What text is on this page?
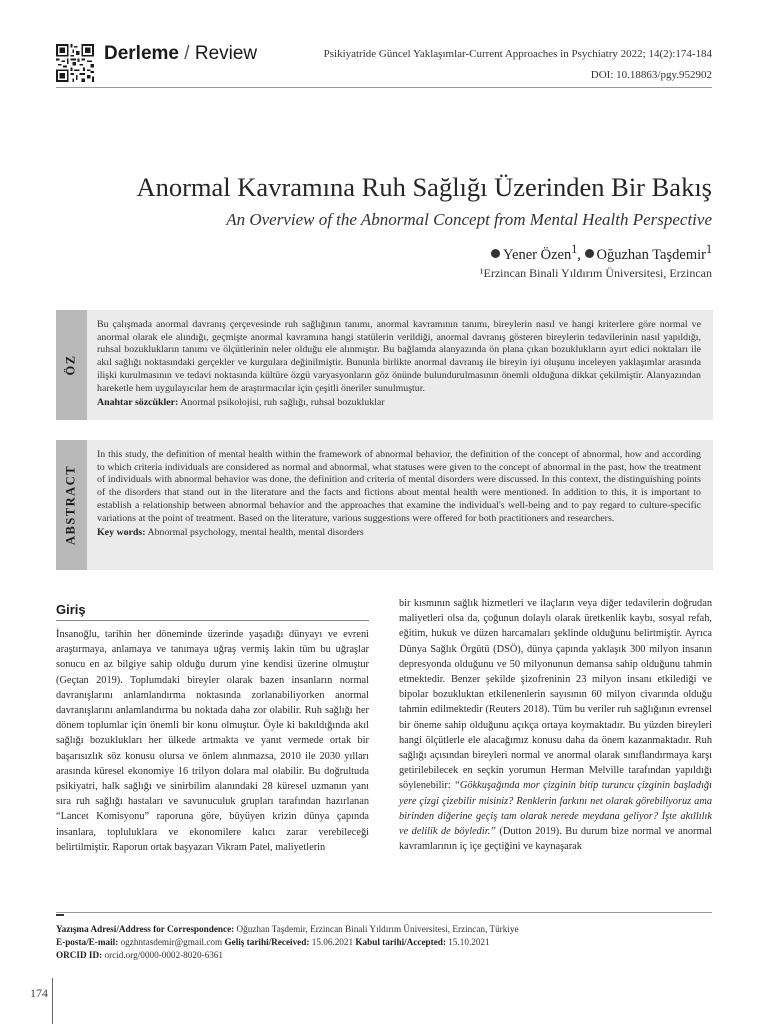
Derleme / Review	Psikiyatride Güncel Yaklaşımlar-Current Approaches in Psychiatry 2022; 14(2):174-184
DOI: 10.18863/pgy.952902
Anormal Kavramına Ruh Sağlığı Üzerinden Bir Bakış
An Overview of the Abnormal Concept from Mental Health Perspective
Yener Özen$^1$, Oğuzhan Taşdemir$^1$
¹Erzincan Binali Yıldırım Üniversitesi, Erzincan
ÖZ
Bu çalışmada anormal davranış çerçevesinde ruh sağlığının tanımı, anormal kavramının tanımı, bireylerin nasıl ve hangi kriterlere göre normal ve anormal olarak ele alındığı, geçmişte anormal kavramına hangi statülerin verildiği, anormal davranış gösteren bireylerin tedavilerinin nasıl yapıldığı, ruhsal bozuklukların tanımı ve ölçütlerinin neler olduğu ele alınmıştır. Bu bağlamda alanyazında ön plana çıkan bozuklukların ayırt edici noktaları ile akıl sağlığı noktasındaki gerçekler ve kurgulara değinilmiştir. Bununla birlikte anormal davranış ile bireyin iyi oluşunu inceleyen yaklaşımlar arasında ilişki kurulmasının ve tedavi noktasında kültüre özgü varyasyonların göz önünde bulundurulmasının önemli olduğuna dikkat çekilmiştir. Alanyazından hareketle hem uygulayıcılar hem de araştırmacılar için çeşitli öneriler sunulmuştur.
Anahtar sözcükler: Anormal psikolojisi, ruh sağlığı, ruhsal bozukluklar
ABSTRACT
In this study, the definition of mental health within the framework of abnormal behavior, the definition of the concept of abnormal, how and according to which criteria individuals are considered as normal and abnormal, what statuses were given to the concept of abnormal in the past, how the treatment of individuals with abnormal behavior was done, the definition and criteria of mental disorders were discussed. In this context, the distinguishing points of the disorders that stand out in the literature and the facts and fictions about mental health were mentioned. In addition to this, it is important to establish a relationship between abnormal behavior and the approaches that examine the individual's well-being and to pay regard to culture-specific variations at the point of treatment. Based on the literature, various suggestions were offered for both practitioners and researchers.
Key words: Abnormal psychology, mental health, mental disorders
Giriş
İnsanoğlu, tarihin her döneminde üzerinde yaşadığı dünyayı ve evreni araştırmaya, anlamaya ve tanımaya uğraş vermiş lakin tüm bu uğraşlar sonucu en az bilgiye sahip olduğu durum yine kendisi üzerine olmuştur (Geçtan 2019). Toplumdaki bireyler olarak bazen insanların normal davranışlarını anlamlandırma noktasında zorlanabiliyorken anormal davranışlarını anlamlandırma bu noktada daha zor olabilir. Ruh sağlığı her dönem toplumlar için önemli bir konu olmuştur. Öyle ki bakıldığında akıl sağlığı bozuklukları her ülkede artmakta ve yanıt vermede ortak bir başarısızlık söz konusu olursa ve önlem alınmazsa, 2010 ile 2030 yılları arasında küresel ekonomiye 16 trilyon dolara mal olabilir. Bu doğrultuda psikiyatri, halk sağlığı ve sinirbilim alanındaki 28 küresel uzmanın yanı sıra ruh sağlığı hastaları ve savunuculuk grupları tarafından hazırlanan “Lancet Komisyonu” raporuna göre, büyüyen krizin dünya çapında insanlara, topluluklara ve ekonomilere kalıcı zarar verebileceği belirtilmiştir. Raporun ortak başyazarı Vikram Patel, maliyetlerin
bir kısmının sağlık hizmetleri ve ilaçların veya diğer tedavilerin doğrudan maliyetleri olsa da, çoğunun dolaylı olarak üretkenlik kaybı, sosyal refah, eğitim, hukuk ve düzen harcamaları şeklinde olduğunu belirtmiştir. Ayrıca Dünya Sağlık Örgütü (DSÖ), dünya çapında yaklaşık 300 milyon insanın depresyonda olduğunu ve 50 milyonunun demansa sahip olduğunu tahmin etmektedir. Benzer şekilde şizofreninin 23 milyon insanı etkilediği ve bipolar bozukluktan etkilenenlerin sayısının 60 milyon civarında olduğu tahmin edilmektedir (Reuters 2018). Tüm bu veriler ruh sağlığının evrensel bir öneme sahip olduğunu açıkça ortaya koymaktadır. Bu yüzden bireyleri hangi ölçütlerle ele alacağımız konusu daha da önem kazanmaktadır. Ruh sağlığı açısından bireyleri normal ve anormal olarak sınıflandırmaya karşı getirilebilecek en seçkin yorumun Herman Melville tarafından yapıldığı söylenebilir: “Gökkuşağında mor çizginin bitip turuncu çizginin başladığı yere çizgi çizebilir misiniz? Renklerin farkını net olarak görebiliyoruz ama birinden diğerine geçiş tam olarak nerede meydana geliyor? İşte akıllılık ve delilik de böyledir.” (Dutton 2019). Bu durum bize normal ve anormal kavramlarının iç içe geçtiğini ve kaynaşarak
Yazışma Adresi/Address for Correspondence: Oğuzhan Taşdemir, Erzincan Binali Yıldırım Üniversitesi, Erzincan, Türkiye
E-posta/E-mail: ogzhntasdemir@gmail.com Geliş tarihi/Received: 15.06.2021 Kabul tarihi/Accepted: 15.10.2021
ORCID ID: orcid.org/0000-0002-8020-6361
174
